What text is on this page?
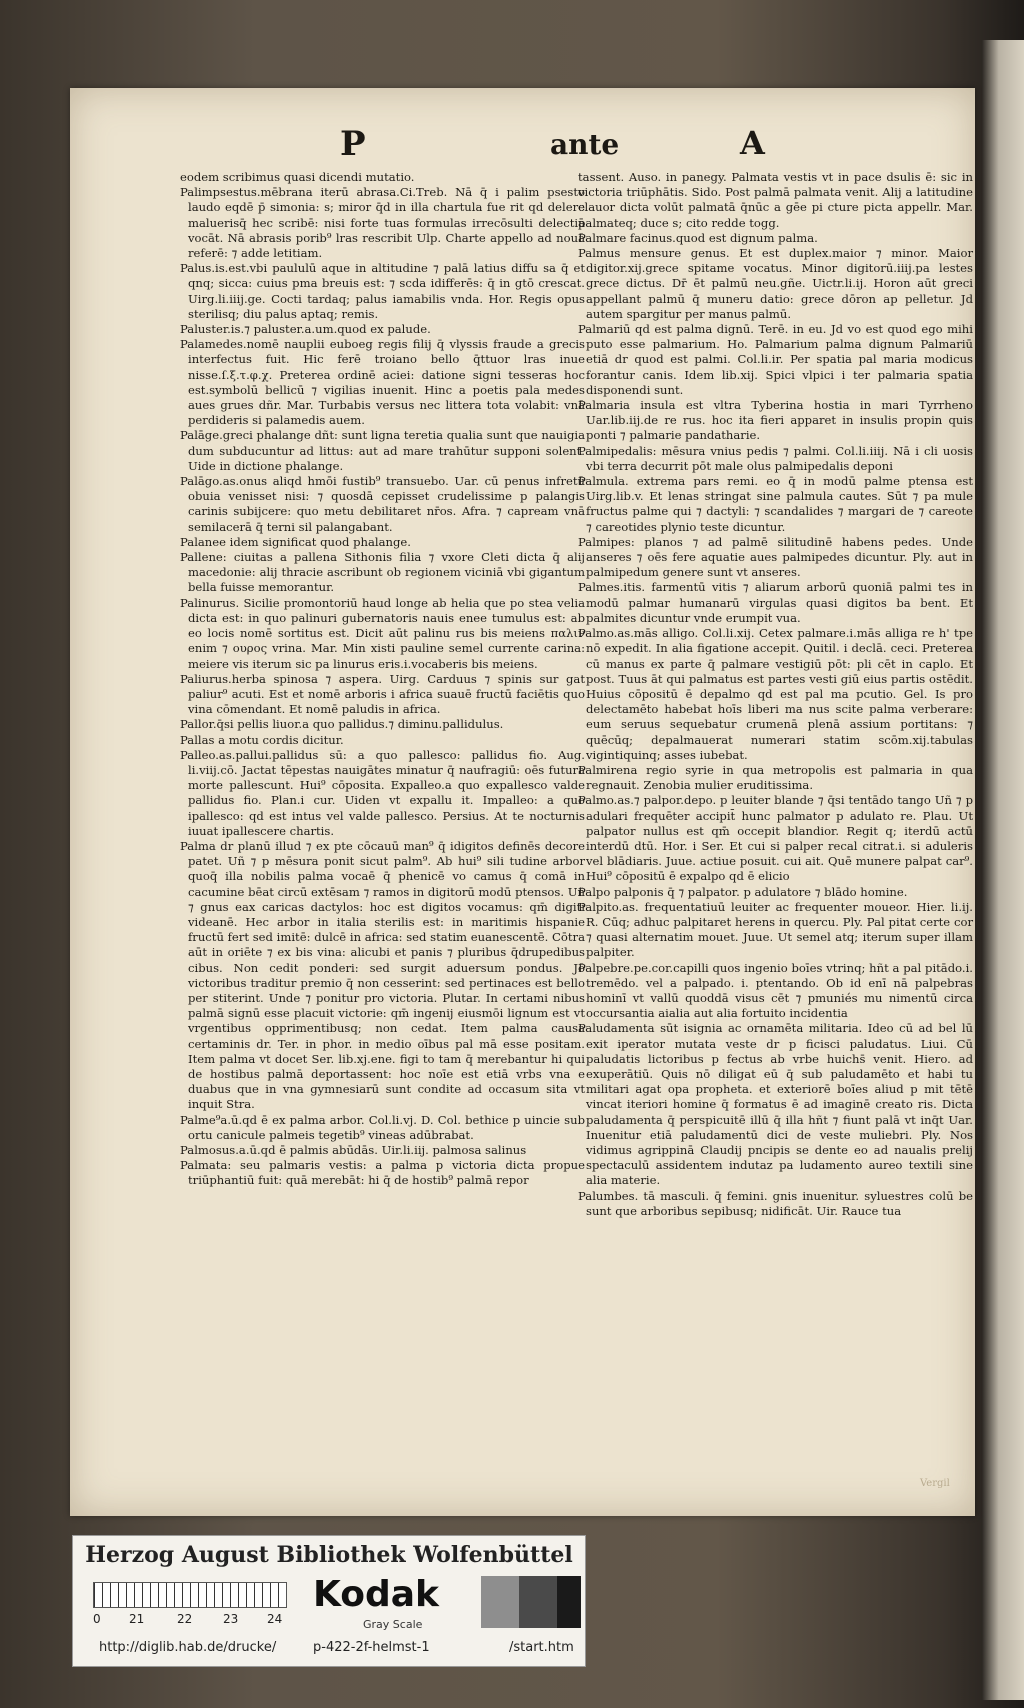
P	ante	A

eodem scribimus quasi dicendi mutatio.

Palimpsestus.mēbrana iterū abrasa.Ci.Treb. Nā q̄ i palim psesto laudo eqdē p̄ simonia: s; miror q̄d in illa chartula fue rit qd delere maluerisq̄ hec scribē: nisi forte tuas formulas irrecōsulti delectiā vocāt. Nā abrasis porib⁹ lras rescribit Ulp. Charte appello ad nouā referē: ⁊ adde letitiam.

Palus.is.est.vbi paululū aque in altitudine ⁊ palā latius diffu sa q̄ et qnq; sicca: cuius pma breuis est: ⁊ scda idifferēs: q̄ in gtō crescat. Uirg.li.iiij.ge. Cocti tardaq; palus iamabilis vnda. Hor. Regis opus sterilisq; diu palus aptaq; remis.

Paluster.is.⁊ paluster.a.um.quod ex palude.

Palamedes.nomē nauplii euboeg regis filij q̄ vlyssis fraude a grecis interfectus fuit. Hic ferē troiano bello q̄ttuor lras inue nisse.ſ.ξ.τ.φ.χ. Preterea ordinē aciei: datione signi tesseras hoc est.symbolū bellicū ⁊ vigilias inuenit. Hinc a poetis pala medes aues grues dñr. Mar. Turbabis versus nec littera tota volabit: vnā perdideris si palamedis auem.

Palāge.greci phalange dñt: sunt ligna teretia qualia sunt que nauigia dum subducuntur ad littus: aut ad mare trahūtur supponi solent. Uide in dictione phalange.

Palāgo.as.onus aliqd hmōi fustib⁹ transuebo. Uar. cū penus infretū obuia venisset nisi: ⁊ quosdā cepisset crudelissime p palangis carinis subijcere: quo metu debilitaret nr̄os. Afra. ⁊ capream vnā semilacerā q̄ terni sil palangabant.

Palanee idem significat quod phalange.

Pallene: ciuitas a pallena Sithonis filia ⁊ vxore Cleti dicta q̄ alij macedonie: alij thracie ascribunt ob regionem viciniā vbi gigantum bella fuisse memorantur.

Palinurus. Sicilie promontoriū haud longe ab helia que po stea velia dicta est: in quo palinuri gubernatoris nauis enee tumulus est: ab eo locis nomē sortitus est. Dicit aūt palinu rus bis meiens παλιν enim ⁊ ουρος vrina. Mar. Min xisti pauline semel currente carina: meiere vis iterum sic pa linurus eris.i.vocaberis bis meiens.

Paliurus.herba spinosa ⁊ aspera. Uirg. Carduus ⁊ spinis sur gat paliur⁹ acuti. Est et nomē arboris i africa suauē fructū faciētis quo vina cōmendant. Et nomē paludis in africa.

Pallor.q̄si pellis liuor.a quo pallidus.⁊ diminu.pallidulus.

Pallas a motu cordis dicitur.

Palleo.as.pallui.pallidus sū: a quo pallesco: pallidus fio. Aug. li.viij.cō. Jactat tēpestas nauigātes minatur q̄ naufragiū: oēs futura morte pallescunt. Hui⁹ cōposita. Expalleo.a quo expallesco valde pallidus fio. Plan.i cur. Uiden vt expallu it. Impalleo: a quo ipallesco: qd est intus vel valde pallesco. Persius. At te nocturnis iuuat ipallescere chartis.

Palma dr planū illud ⁊ ex pte cōcauū man⁹ q̄ idigitos definēs decore patet. Uñ ⁊ p mēsura ponit sicut palm⁹. Ab hui⁹ sili tudine arbor quoq̄ illa nobilis palma vocaē q̄ phenicē vo camus q̄ comā in cacumine bēat circū extēsam ⁊ ramos in digitorū modū ptensos. Uñ ⁊ gnus eax caricas dactylos: hoc est digitos vocamus: qm̄ digiti videanē. Hec arbor in italia sterilis est: in maritimis hispanie fructū fert sed imitē: dulcē in africa: sed statim euanescentē. Cōtra aūt in oriēte ⁊ ex bis vina: alicubi et panis ⁊ pluribus q̄drupedibus cibus. Non cedit ponderi: sed surgit aduersum pondus. Jō victoribus traditur premio q̄ non cesserint: sed pertinaces est bello per stiterint. Unde ⁊ ponitur pro victoria. Plutar. In certami nibus palmā signū esse placuit victorie: qm̄ ingenij eiusmōi lignum est vt vrgentibus opprimentibusq; non cedat. Item palma causa certaminis dr. Ter. in phor. in medio oībus pal mā esse positam. Item palma vt docet Ser. lib.xj.ene. figi to tam q̄ merebantur hi qui de hostibus palmā deportassent: hoc noīe est etiā vrbs vna e duabus que in vna gymnesiarū sunt condite ad occasum sita vt inquit Stra.

Palme⁹a.ū.qd ē ex palma arbor. Col.li.vj. D. Col. bethice p uincie sub ortu canicule palmeis tegetib⁹ vineas adūbrabat.

Palmosus.a.ū.qd ē palmis abūdās. Uir.li.iij. palmosa salinus

Palmata: seu palmaris vestis: a palma p victoria dicta propue triūphantiū fuit: quā merebāt: hi q̄ de hostib⁹ palmā repor

tassent. Auso. in panegy. Palmata vestis vt in pace dsulis ē: sic in victoria triūphātis. Sido. Post palmā palmata venit. Alij a latitudine clauor dicta volūt palmatā q̄nūc a gēe pi cture picta appellr. Mar. palmateq; duce s; cito redde togg.

Palmare facinus.quod est dignum palma.

Palmus mensure genus. Et est duplex.maior ⁊ minor. Maior digitor.xij.grece spitame vocatus. Minor digitorū.iiij.pa lestes grece dictus. Dr̄ ēt palmū neu.gñe. Uictr.li.ij. Horon aūt greci appellant palmū q̄ muneru datio: grece dōron ap pelletur. Jd autem spargitur per manus palmū.

Palmariū qd est palma dignū. Terē. in eu. Jd vo est quod ego mihi puto esse palmarium. Ho. Palmarium palma dignum Palmariū etiā dr quod est palmi. Col.li.ir. Per spatia pal maria modicus forantur canis. Idem lib.xij. Spici vlpici i ter palmaria spatia disponendi sunt.

Palmaria insula est vltra Tyberina hostia in mari Tyrrheno Uar.lib.iij.de re rus. hoc ita fieri apparet in insulis propin quis ponti ⁊ palmarie pandatharie.

Palmipedalis: mēsura vnius pedis ⁊ palmi. Col.li.iiij. Nā i cli uosis vbi terra decurrit pōt male olus palmipedalis deponi

Palmula. extrema pars remi. eo q̄ in modū palme ptensa est Uirg.lib.v. Et lenas stringat sine palmula cautes. Sūt ⁊ pa mule fructus palme qui ⁊ dactyli: ⁊ scandalides ⁊ margari de ⁊ careote ⁊ careotides plynio teste dicuntur.

Palmipes: planos ⁊ ad palmē silitudinē habens pedes. Unde anseres ⁊ oēs fere aquatie aues palmipedes dicuntur. Ply. aut in palmipedum genere sunt vt anseres.

Palmes.itis. farmentū vitis ⁊ aliarum arborū quoniā palmi tes in modū palmar humanarū virgulas quasi digitos ba bent. Et palmites dicuntur vnde erumpit vua.

Palmo.as.mās alligo. Col.li.xij. Cetex palmare.i.mās alliga re h' tpe nō expedit. In alia figatione accepit. Quitil. i declā. ceci. Preterea cū manus ex parte q̄ palmare vestigiū pōt: pli cēt in caplo. Et post. Tuus āt qui palmatus est partes vesti giū eius partis ostēdit. Huius cōpositū ē depalmo qd est pal ma pcutio. Gel. Is pro delectamēto habebat hoīs liberi ma nus scite palma verberare: eum seruus sequebatur crumenā plenā assium portitans: ⁊ quēcūq; depalmauerat numerari statim scōm.xij.tabulas vigintiquinq; asses iubebat.

Palmirena regio syrie in qua metropolis est palmaria in qua regnauit. Zenobia mulier eruditissima.

Palmo.as.⁊ palpor.depo. p leuiter blande ⁊ q̄si tentādo tango Uñ ⁊ p adulari frequēter accipit̄ hunc palmator p adulato re. Plau. Ut palpator nullus est qm̄ occepit blandior. Regit q; iterdū actū interdū dtū. Hor. i Ser. Et cui si palper recal citrat.i. si aduleris vel blādiaris. Juue. actiue posuit. cui ait. Quē munere palpat car⁹. Hui⁹ cōpositū ē expalpo qd ē elicio

Palpo palponis q̄ ⁊ palpator. p adulatore ⁊ blādo homine.

Palpito.as. frequentatiuū leuiter ac frequenter moueor. Hier. li.ij. R. Cūq; adhuc palpitaret herens in quercu. Ply. Pal pitat certe cor ⁊ quasi alternatim mouet. Juue. Ut semel atq; iterum super illam palpiter.

Palpebre.pe.cor.capilli quos ingenio boīes vtrinq; hñt a pal pitādo.i. tremēdo. vel a palpado. i. ptentando. Ob id enī nā palpebras hominī vt vallū quoddā visus cēt ⁊ pmuniés mu nimentū circa occursantia aialia aut alia fortuito incidentia

Paludamenta sūt isignia ac ornamēta militaria. Ideo cū ad bel lū exit iperator mutata veste dr p ficisci paludatus. Liui. Cū paludatis lictoribus p fectus ab vrbe huichs̄ venit. Hiero. ad exuperātiū. Quis nō diligat eū q̄ sub paludamēto et habi tu militari agat opa propheta. et exteriorē boīes aliud p mit tētē vincat iteriori homine q̄ formatus ē ad imaginē creato ris. Dicta paludamenta q̄ perspicuitē illū q̄ illa hñt ⁊ fiunt palā vt inq̄t Uar. Inuenitur etiā paludamentū dici de veste muliebri. Ply. Nos vidimus agrippinā Claudij pncipis se dente eo ad naualis prelij spectaculū assidentem indutaz pa ludamento aureo textili sine alia materie.

Palumbes. tā masculi. q̄ femini. gnis inuenitur. syluestres colū be sunt que arboribus sepibusq; nidificāt. Uir. Rauce tua

Vergil
Herzog August Bibliothek Wolfenbüttel
0 21	22	23 24
Kodak
Gray Scale
http://diglib.hab.de/drucke/	p-422-2f-helmst-1	/start.htm
